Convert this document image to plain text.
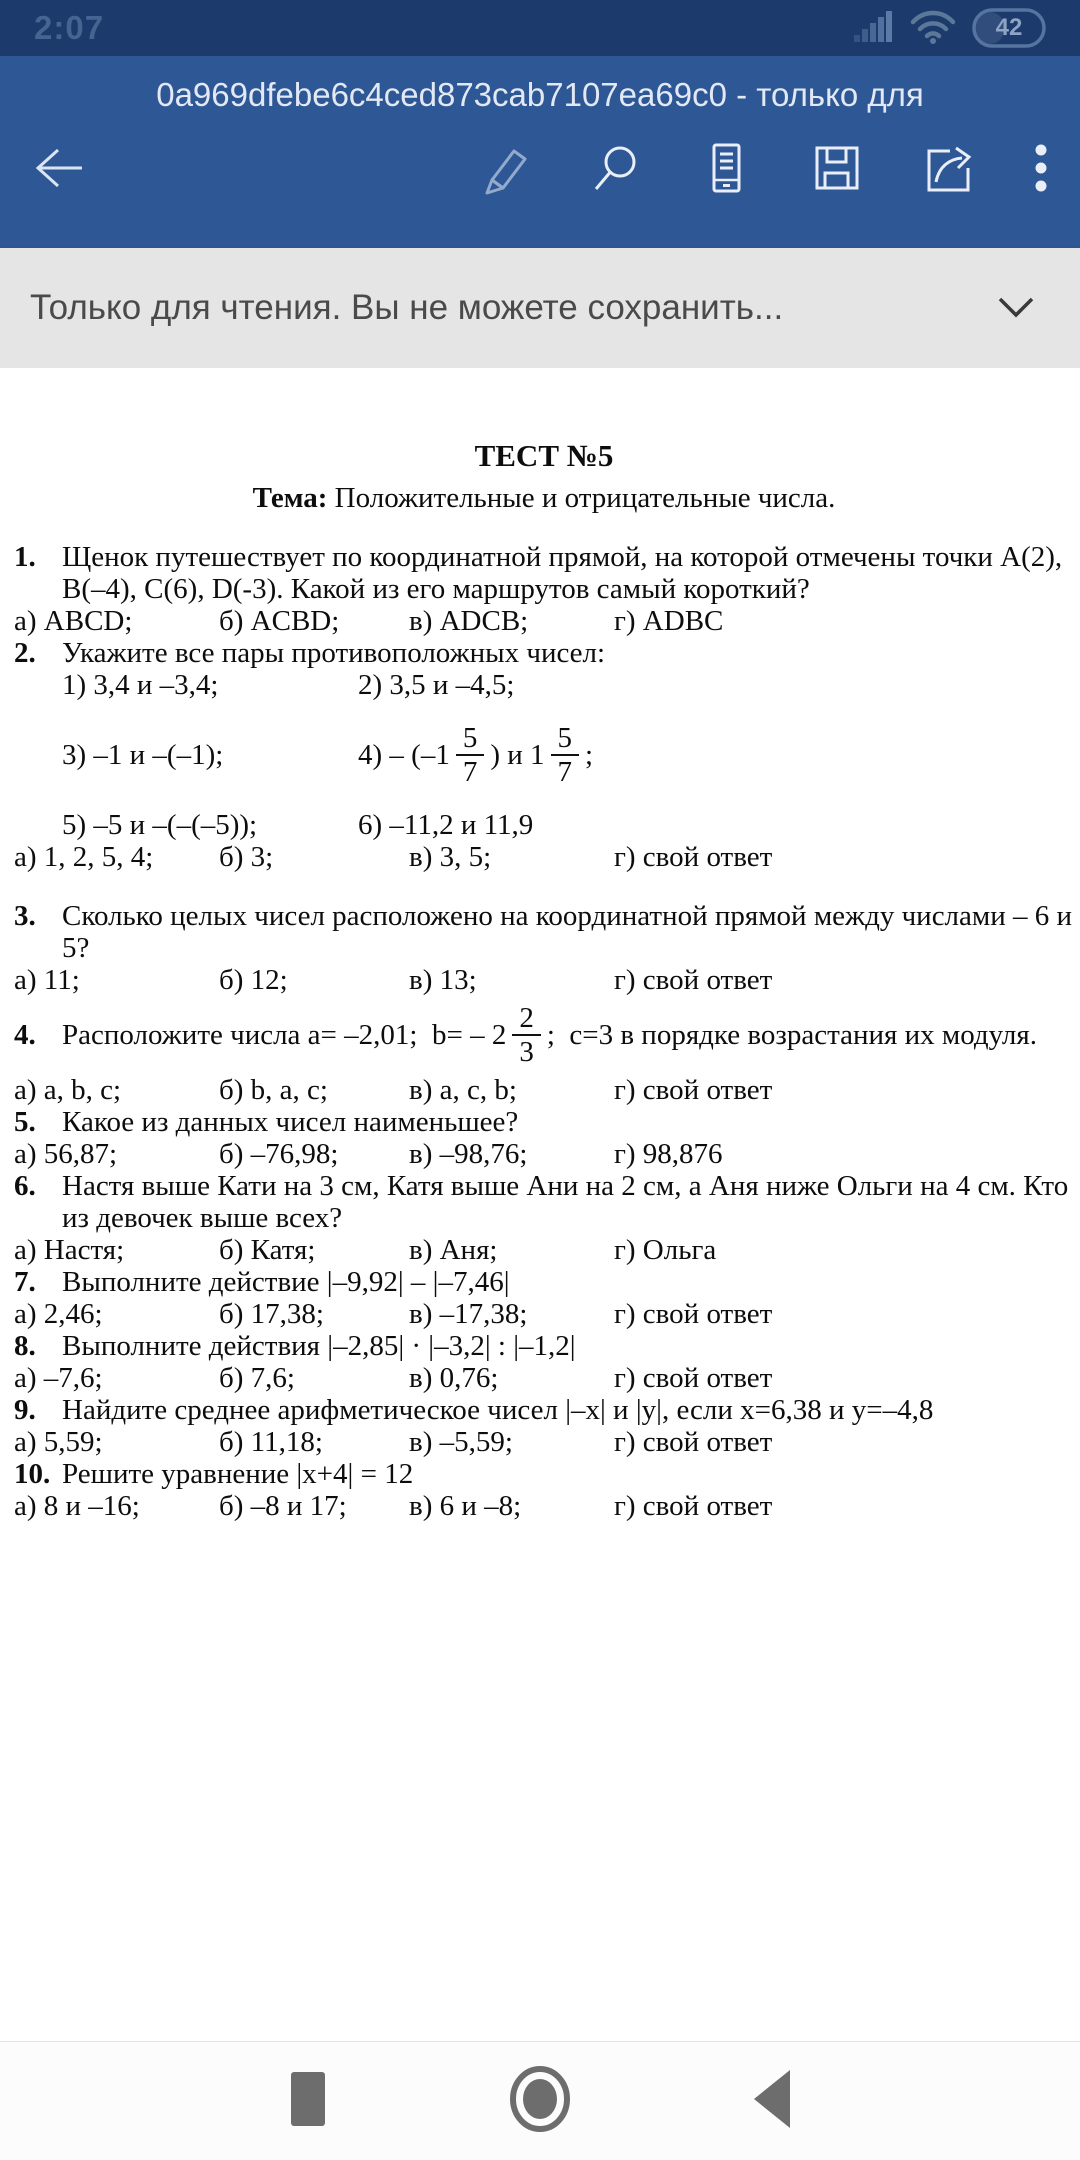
2:07	42
0a969dfebe6c4ced873cab7107ea69c0 - только для
Только для чтения. Вы не можете сохранить...
ТЕСТ №5
Тема: Положительные и отрицательные числа.
1. Щенок путешествует по координатной прямой, на которой отмечены точки А(2), В(–4), С(6), D(-3). Какой из его маршрутов самый короткий?
а) ABCD;	б) ACBD;	в) ADCB;	г) ADBC
2. Укажите все пары противоположных чисел:
1) 3,4 и –3,4;	2) 3,5 и –4,5;
3) –1 и –(–1);	$4) - (-1 \frac{5}{7}$ ) и $1 \frac{5}{7}$ ;
5) –5 и –(–(–5));	6) –11,2 и 11,9
а) 1, 2, 5, 4;	б) 3;	в) 3, 5;	г) свой ответ
3. Сколько целых чисел расположено на координатной прямой между числами – 6 и 5?
а) 11;	б) 12;	в) 13;	г) свой ответ
4. Расположите числа a= –2,01;  $b= - 2 \frac{2}{3}$ ;  c=3 в порядке возрастания их модуля.
а) a, b, c;	б) b, a, c;	в) a, c, b;	г) свой ответ
5. Какое из данных чисел наименьшее?
а) 56,87;	б) –76,98;	в) –98,76;	г) 98,876
6. Настя выше Кати на 3 см, Катя выше Ани на 2 см, а Аня ниже Ольги на 4 см. Кто из девочек выше всех?
а) Настя;	б) Катя;	в) Аня;	г) Ольга
7. Выполните действие |–9,92| – |–7,46|
а) 2,46;	б) 17,38;	в) –17,38;	г) свой ответ
8. Выполните действия |–2,85| · |–3,2| : |–1,2|
а) –7,6;	б) 7,6;	в) 0,76;	г) свой ответ
9. Найдите среднее арифметическое чисел |–x| и |y|, если x=6,38 и y=–4,8
а) 5,59;	б) 11,18;	в) –5,59;	г) свой ответ
10. Решите уравнение |x+4| = 12
а) 8 и –16;	б) –8 и 17;	в) 6 и –8;	г) свой ответ
